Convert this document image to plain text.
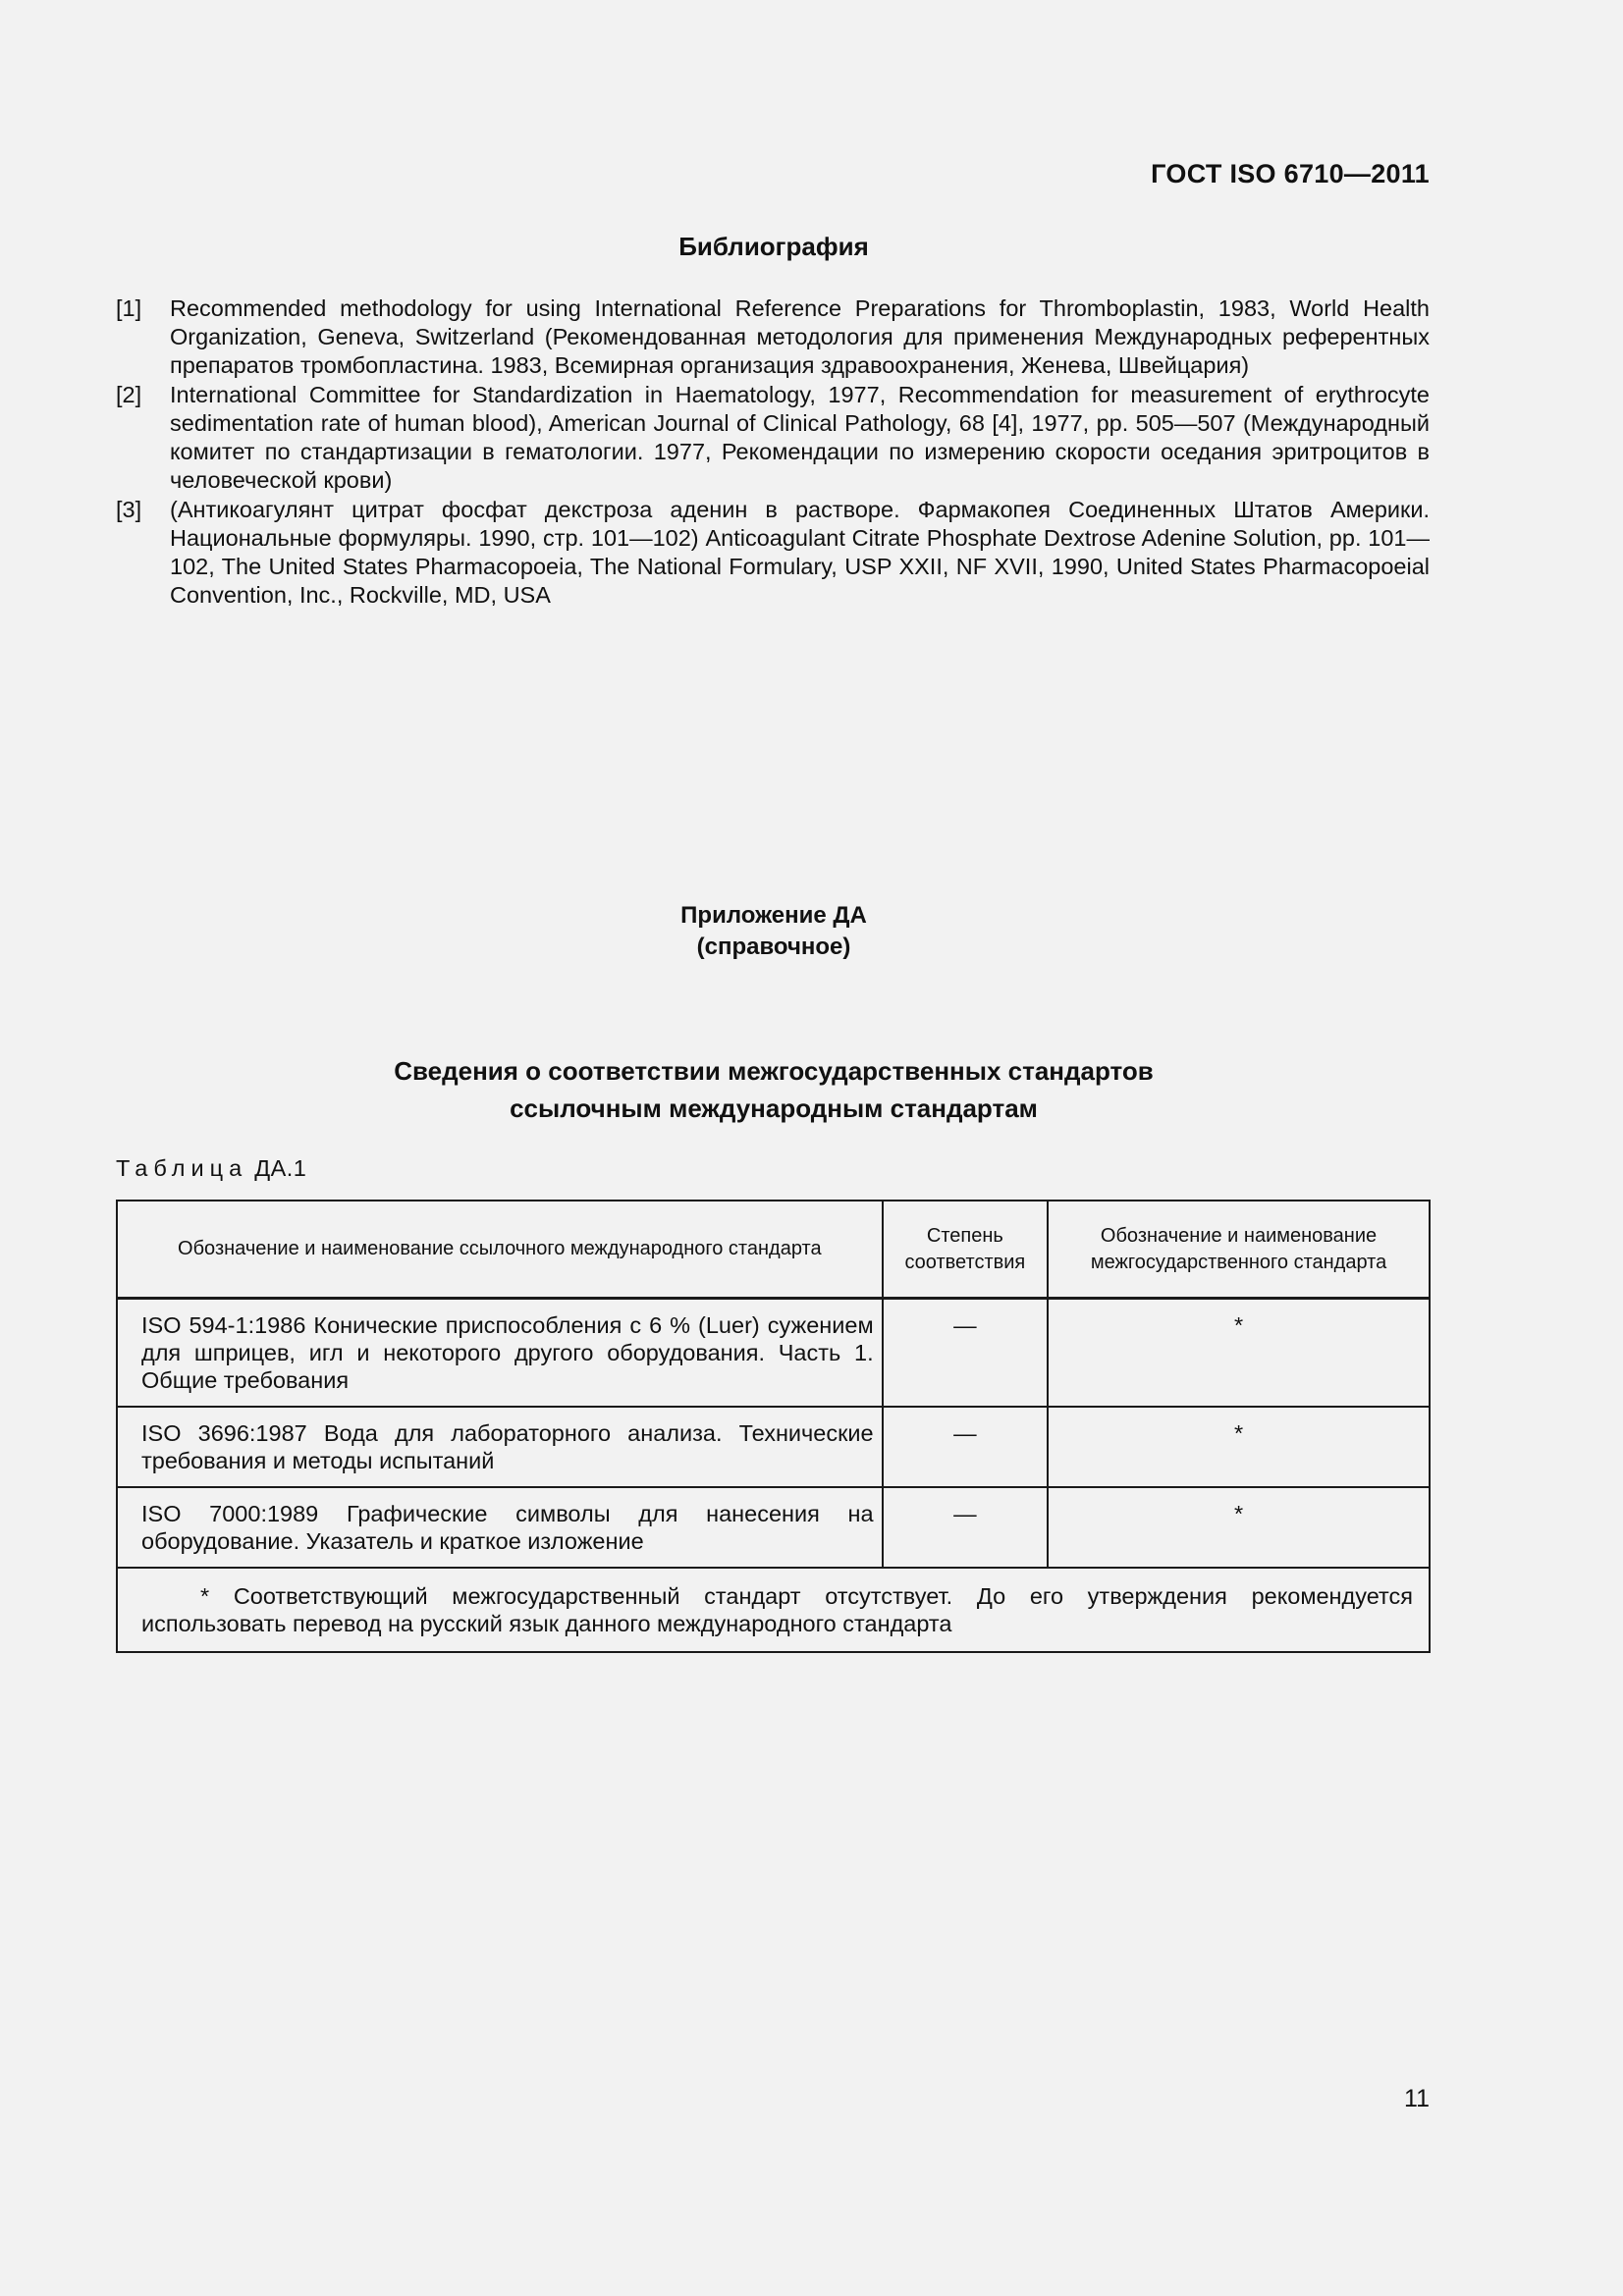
ГОСТ ISO 6710—2011
Библиография
[1]	Recommended methodology for using International Reference Preparations for Thromboplastin, 1983, World Health Organization, Geneva, Switzerland (Рекомендованная методология для применения Международных референтных препаратов тромбопластина. 1983, Всемирная организация здравоохранения, Женева, Швейцария)
[2]	International Committee for Standardization in Haematology, 1977, Recommendation for measurement of erythrocyte sedimentation rate of human blood), American Journal of Clinical Pathology, 68 [4], 1977, pp. 505—507 (Международный комитет по стандартизации в гематологии. 1977, Рекомендации по измерению скорости оседания эритроцитов в человеческой крови)
[3]	(Антикоагулянт цитрат фосфат декстроза аденин в растворе. Фармакопея Соединенных Штатов Америки. Национальные формуляры. 1990, стр. 101—102) Anticoagulant Citrate Phosphate Dextrose Adenine Solution, pp. 101—102, The United States Pharmacopoeia, The National Formulary, USP XXII, NF XVII, 1990, United States Pharmacopoeial Convention, Inc., Rockville, MD, USA
Приложение ДА
(справочное)
Сведения о соответствии межгосударственных стандартов
ссылочным международным стандартам
Таблица ДА.1
Обозначение и наименование ссылочного международного стандарта	Степень соответствия	Обозначение и наименование межгосударственного стандарта
ISO 594-1:1986 Конические приспособления с 6 % (Luer) сужением для шприцев, игл и некоторого другого оборудования. Часть 1. Общие требования	—	*
ISO 3696:1987 Вода для лабораторного анализа. Технические требования и методы испытаний	—	*
ISO 7000:1989 Графические символы для нанесения на оборудование. Указатель и краткое изложение	—	*
* Соответствующий межгосударственный стандарт отсутствует. До его утверждения рекомендуется использовать перевод на русский язык данного международного стандарта		
11
